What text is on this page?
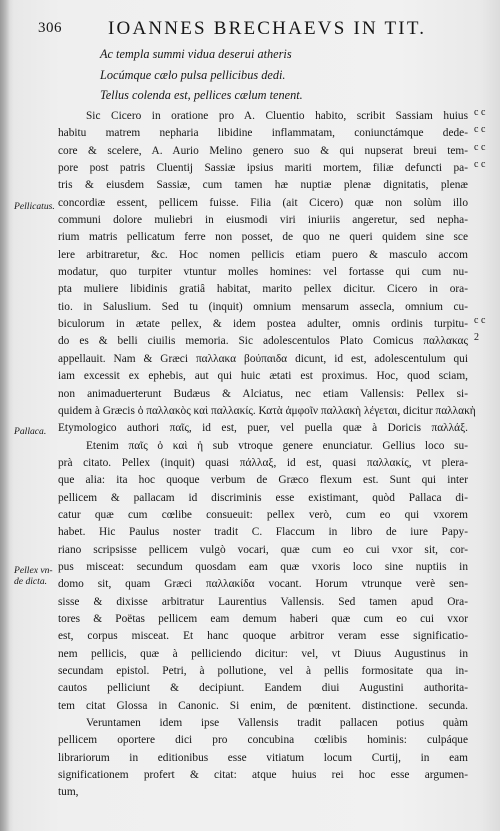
306 IOANNES BRECHAEVS IN TIT.
Ac templa summi vidua deserui atheris
Locúmque cælo pulsa pellicibus dedi.
Tellus colenda est, pellices cælum tenent.
Pellicatus.
Pallaca.
Pellex vn-
de dicta.
c c
c c
c c
c c
c c
2
Sic Cicero in oratione pro A. Cluentio habito, scribit Sassiam huius
habitu matrem nepharia libidine inflammatam, coniunctámque dede-
core & scelere, A. Aurio Melino genero suo & qui nupserat breui tem-
pore post patris Cluentij Sassiæ ipsius mariti mortem, filiæ defuncti pa-
tris & eiusdem Sassiæ, cum tamen hæ nuptiæ plenæ dignitatis, plenæ
concordiæ essent, pellicem fuisse. Filia (ait Cicero) quæ non solùm illo
communi dolore muliebri in eiusmodi viri iniuriis angeretur, sed nepha-
rium matris pellicatum ferre non posset, de quo ne queri quidem sine sce
lere arbitraretur, &c. Hoc nomen pellicis etiam puero & masculo accom
modatur, quo turpiter vtuntur molles homines: vel fortasse qui cum nu-
pta muliere libidinis gratiâ habitat, marito pellex dicitur. Cicero in ora-
tio. in Saluslium. Sed tu (inquit) omnium mensarum assecla, omnium cu-
biculorum in ætate pellex, & idem postea adulter, omnis ordinis turpitu-
do es & belli ciuilis memoria. Sic adolescentulos Plato Comicus παλλακας
appellauit. Nam & Græci παλλακα βούπαιδα dicunt, id est, adolescentulum qui
iam excessit ex ephebis, aut qui huic ætati est proximus. Hoc, quod sciam,
non animaduerterunt Budæus & Alciatus, nec etiam Vallensis: Pellex si-
quidem à Græcis ὁ παλλακὸς καὶ παλλακίς. Κατὰ ἀμφοῖν παλλακὴ λέγεται, dicitur παλλακὴ
Etymologico authori παῖς, id est, puer, vel puella quæ à Doricis παλλάξ.
Etenim παῖς ὁ καὶ ἡ sub vtroque genere enunciatur. Gellius loco su-
prà citato. Pellex (inquit) quasi πάλλαξ, id est, quasi παλλακίς, vt plera-
que alia: ita hoc quoque verbum de Græco flexum est. Sunt qui inter
pellicem & pallacam id discriminis esse existimant, quòd Pallaca di-
catur quæ cum cœlibe consueuit: pellex verò, cum eo qui vxorem
habet. Hic Paulus noster tradit C. Flaccum in libro de iure Papy-
riano scripsisse pellicem vulgò vocari, quæ cum eo cui vxor sit, cor-
pus misceat: secundum quosdam eam quæ vxoris loco sine nuptiis in
domo sit, quam Græci παλλακίδα vocant. Horum vtrunque verè sen-
sisse & dixisse arbitratur Laurentius Vallensis. Sed tamen apud Ora-
tores & Poëtas pellicem eam demum haberi quæ cum eo cui vxor
est, corpus misceat. Et hanc quoque arbitror veram esse significatio-
nem pellicis, quæ à pelliciendo dicitur: vel, vt Diuus Augustinus in
secundam epistol. Petri, à pollutione, vel à pellis formositate qua in-
cautos pelliciunt & decipiunt. Eandem diui Augustini authorita-
tem citat Glossa in Canonic. Si enim, de pœnitent. distinctione. secunda.
Veruntamen idem ipse Vallensis tradit pallacen potius quàm
pellicem oportere dici pro concubina cœlibis hominis: culpáque
librariorum in editionibus esse vitiatum locum Curtij, in eam
significationem profert & citat: atque huius rei hoc esse argumen-
tum,
